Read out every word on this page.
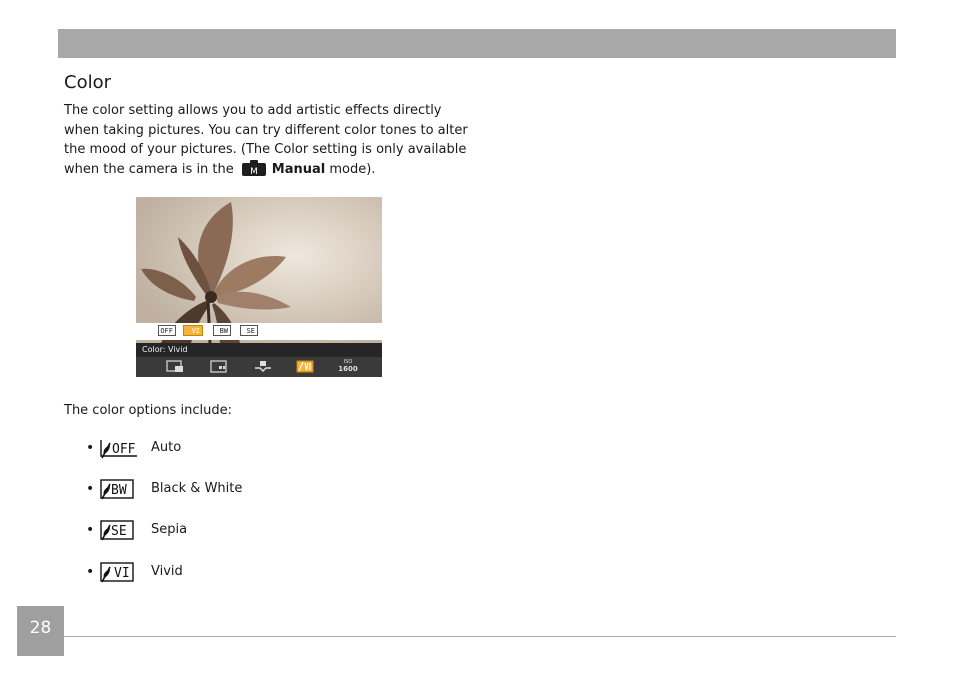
Color

The color setting allows you to add artistic effects directly
when taking pictures. You can try different color tones to alter
the mood of your pictures. (The Color setting is only available
when the camera is in the M Manual mode).

OFF	VI	BW	SE
Color: Vivid
ISO
1600

The color options include:

• OFF Auto
• BW Black & White
• SE Sepia
• VI Vivid
28
